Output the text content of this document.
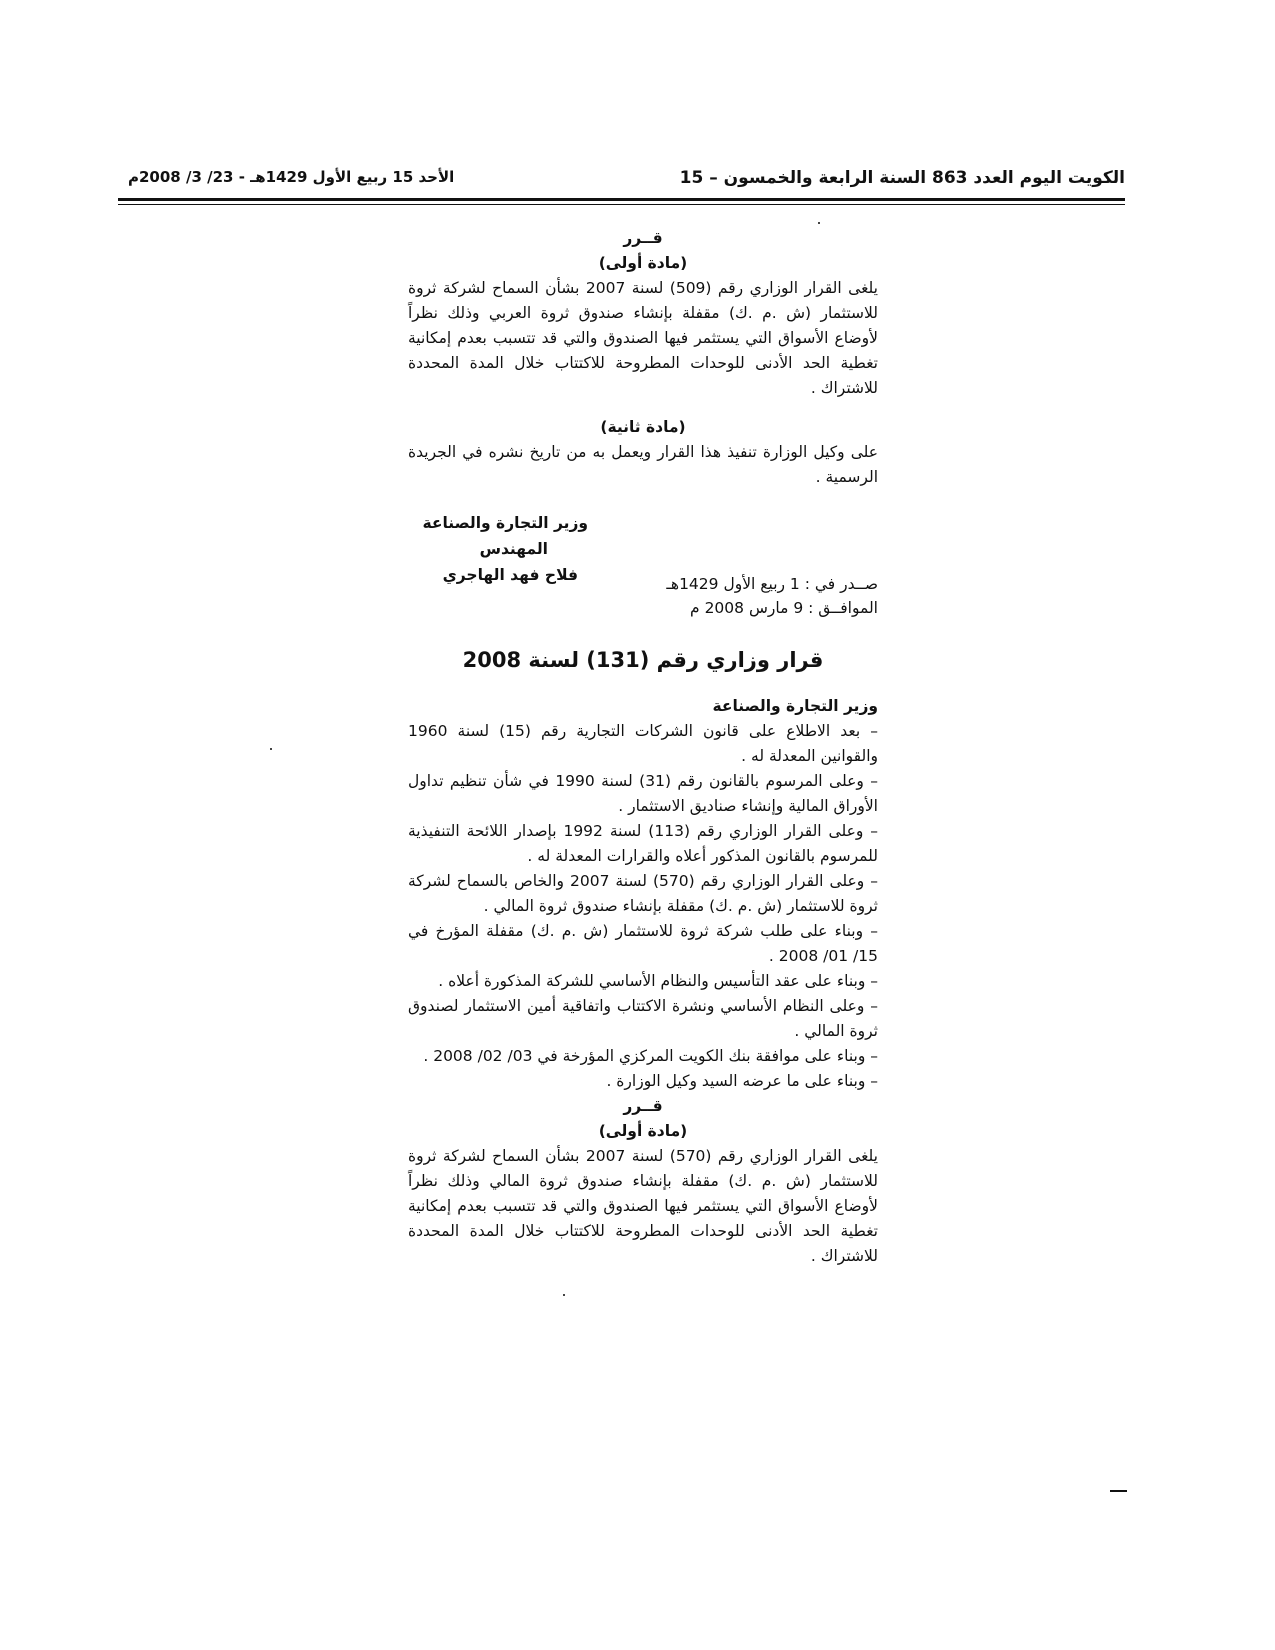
الكويت اليوم العدد 863 السنة الرابعة والخمسون – 15
الأحد 15 ربيع الأول 1429هـ - 23/ 3/ 2008م

قــرر

(مادة أولى)

يلغى القرار الوزاري رقم (509) لسنة 2007 بشأن السماح لشركة ثروة للاستثمار (ش .م .ك) مقفلة بإنشاء صندوق ثروة العربي وذلك نظراً لأوضاع الأسواق التي يستثمر فيها الصندوق والتي قد تتسبب بعدم إمكانية تغطية الحد الأدنى للوحدات المطروحة للاكتتاب خلال المدة المحددة للاشتراك .

(مادة ثانية)

على وكيل الوزارة تنفيذ هذا القرار ويعمل به من تاريخ نشره في الجريدة الرسمية .

وزير التجارة والصناعة
المهندس
فلاح فهد الهاجري	صــدر في : 1 ربيع الأول 1429هـ
الموافــق : 9 مارس 2008 م
قرار وزاري رقم (131) لسنة 2008

وزير التجارة والصناعة

– بعد الاطلاع على قانون الشركات التجارية رقم (15) لسنة 1960 والقوانين المعدلة له .

– وعلى المرسوم بالقانون رقم (31) لسنة 1990 في شأن تنظيم تداول الأوراق المالية وإنشاء صناديق الاستثمار .

– وعلى القرار الوزاري رقم (113) لسنة 1992 بإصدار اللائحة التنفيذية للمرسوم بالقانون المذكور أعلاه والقرارات المعدلة له .

– وعلى القرار الوزاري رقم (570) لسنة 2007 والخاص بالسماح لشركة ثروة للاستثمار (ش .م .ك) مقفلة بإنشاء صندوق ثروة المالي .

– وبناء على طلب شركة ثروة للاستثمار (ش .م .ك) مقفلة المؤرخ في 15/ 01/ 2008 .

– وبناء على عقد التأسيس والنظام الأساسي للشركة المذكورة أعلاه .

– وعلى النظام الأساسي ونشرة الاكتتاب واتفاقية أمين الاستثمار لصندوق ثروة المالي .

– وبناء على موافقة بنك الكويت المركزي المؤرخة في 03/ 02/ 2008 .

– وبناء على ما عرضه السيد وكيل الوزارة .

قــرر

(مادة أولى)

يلغى القرار الوزاري رقم (570) لسنة 2007 بشأن السماح لشركة ثروة للاستثمار (ش .م .ك) مقفلة بإنشاء صندوق ثروة المالي وذلك نظراً لأوضاع الأسواق التي يستثمر فيها الصندوق والتي قد تتسبب بعدم إمكانية تغطية الحد الأدنى للوحدات المطروحة للاكتتاب خلال المدة المحددة للاشتراك .
